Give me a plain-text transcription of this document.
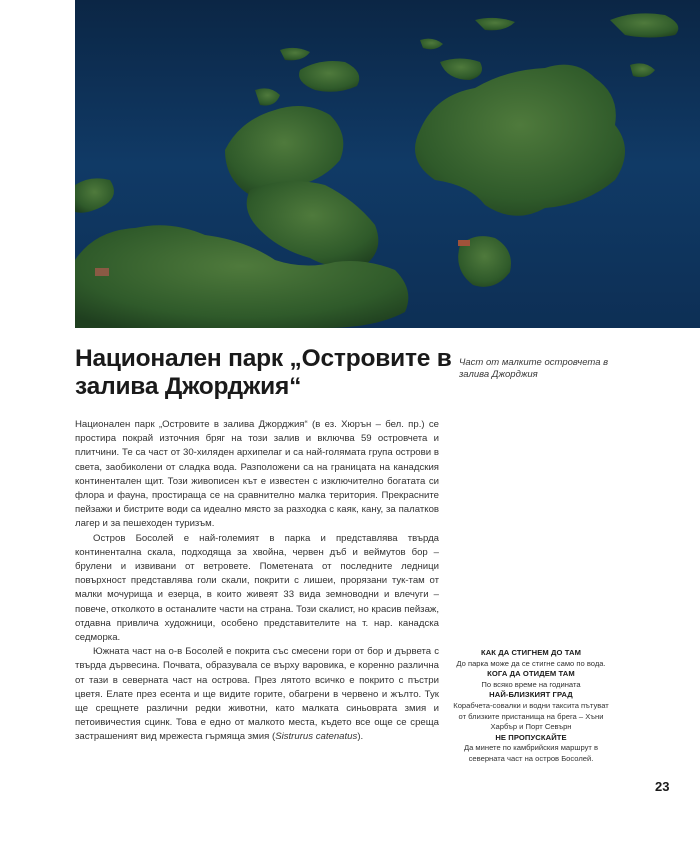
Национален парк „Островите в залива Джорджия“
Част от малките островчета в залива Джорджия

Национален парк „Островите в залива Джорджия“ (в ез. Хюрън – бел. пр.) се простира покрай източния бряг на този залив и включва 59 островчета и плитчини. Те са част от 30-хиляден архипелаг и са най-голямата група острови в света, заобиколени от сладка вода. Разположени са на границата на канадския континентален щит. Този живописен кът е известен с изключително богатата си флора и фауна, простираща се на сравнително малка територия. Прекрасните пейзажи и бистрите води са идеално място за разходка с каяк, кану, за палатков лагер и за пешеходен туризъм.

Остров Босолей е най-големият в парка и представлява твърда континентална скала, подходяща за хвойна, червен дъб и веймутов бор – брулени и извивани от ветровете. Пометената от последните ледници повърхност представлява голи скали, покрити с лишеи, прорязани тук-там от малки мочурища и езерца, в които живеят 33 вида земноводни и влечуги – повече, отколкото в останалите части на страна. Този скалист, но красив пейзаж, отдавна привлича художници, особено представителите на т. нар. канадска седморка.

Южната част на о-в Босолей е покрита със смесени гори от бор и дървета с твърда дървесина. Почвата, образувала се върху варовика, е коренно различна от тази в северната част на острова. През лятото всичко е покрито с пъстри цветя. Елате през есента и ще видите горите, обагрени в червено и жълто. Тук ще срещнете различни редки животни, като малката синьоврата змия и петоивичестия сцинк. Това е едно от малкото места, където все още се среща застрашеният вид мрежеста гърмяща змия (Sistrurus catenatus).

КАК ДА СТИГНЕМ ДО ТАМ
До парка може да се стигне само по вода.
КОГА ДА ОТИДЕМ ТАМ
По всяко време на годината
НАЙ-БЛИЗКИЯТ ГРАД
Корабчета-совалки и водни таксита пътуват от близките пристанища на брега – Хъни Харбър и Порт Севърн
НЕ ПРОПУСКАЙТЕ
Да минете по камбрийския маршрут в северната част на остров Босолей.
23
